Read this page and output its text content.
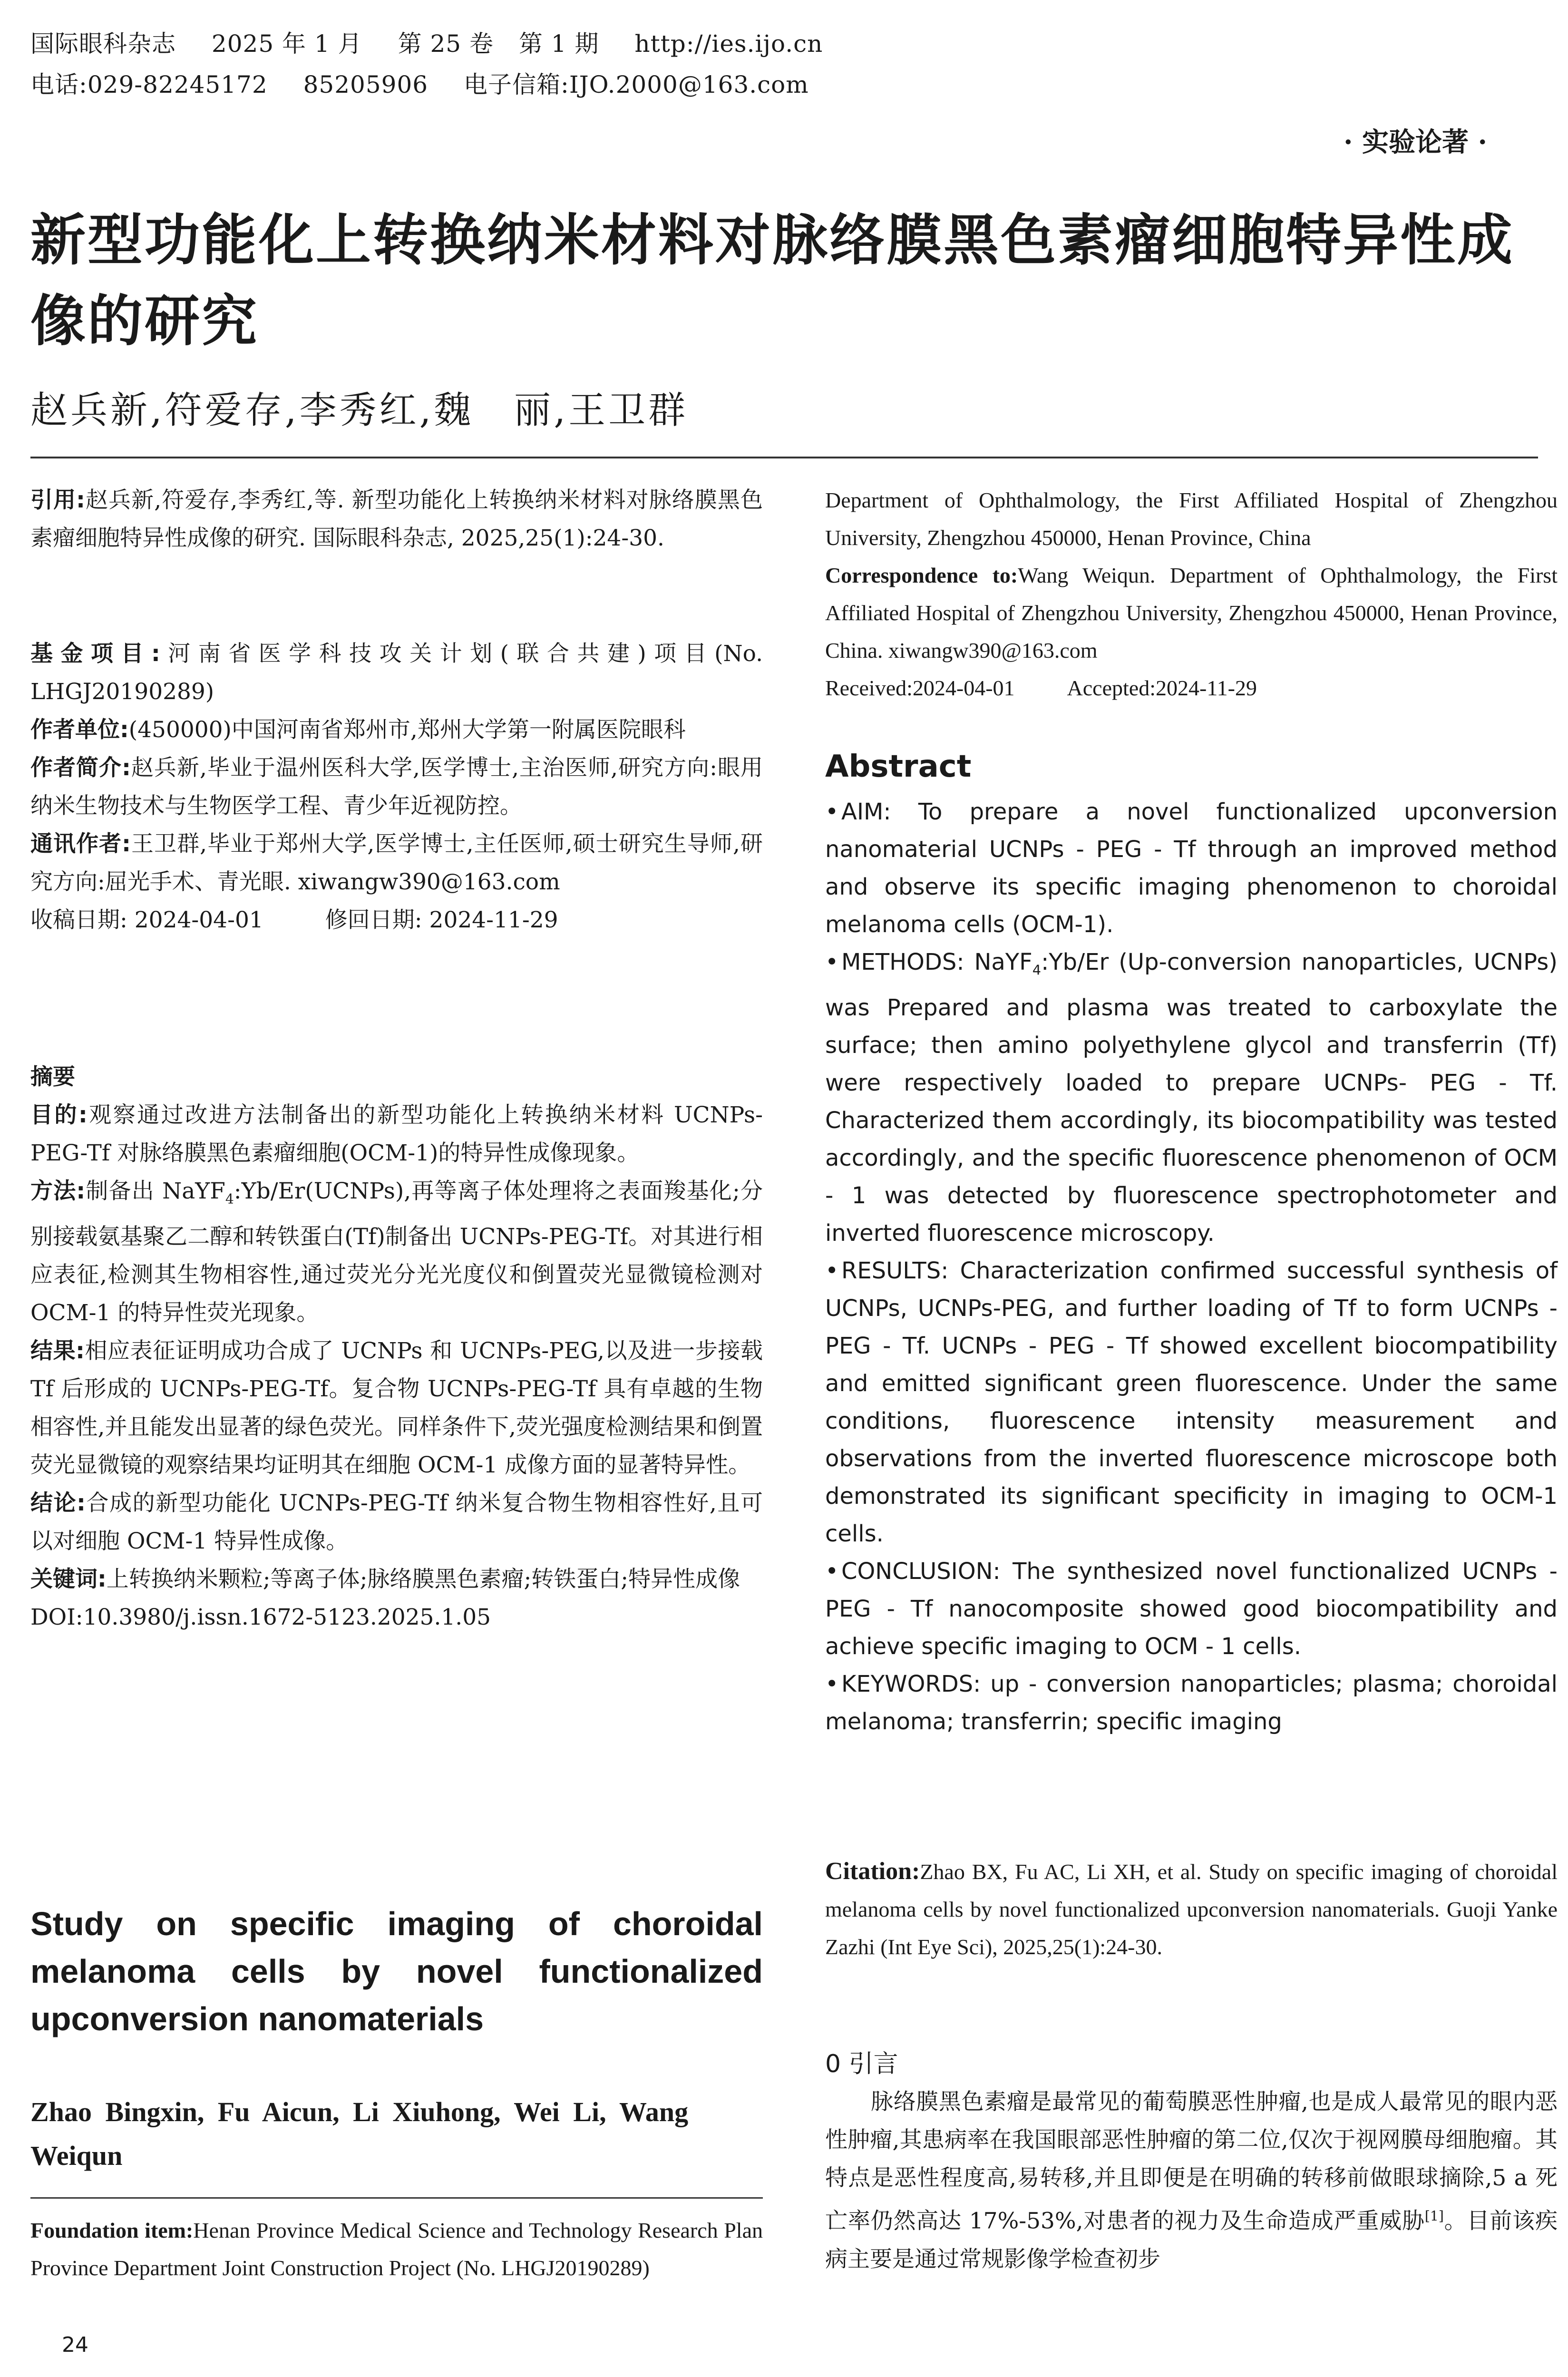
国际眼科杂志 2025 年 1 月 第 25 卷 第 1 期 http://ies.ijo.cn
电话:029-82245172 85205906 电子信箱:IJO.2000@163.com
· 实验论著 ·
新型功能化上转换纳米材料对脉络膜黑色素瘤细胞特异性成像的研究
赵兵新,符爱存,李秀红,魏　丽,王卫群

引用:赵兵新,符爱存,李秀红,等. 新型功能化上转换纳米材料对脉络膜黑色素瘤细胞特异性成像的研究. 国际眼科杂志, 2025,25(1):24-30.

基金项目:河南省医学科技攻关计划(联合共建)项目(No. LHGJ20190289)

作者单位:(450000)中国河南省郑州市,郑州大学第一附属医院眼科

作者简介:赵兵新,毕业于温州医科大学,医学博士,主治医师,研究方向:眼用纳米生物技术与生物医学工程、青少年近视防控。

通讯作者:王卫群,毕业于郑州大学,医学博士,主任医师,硕士研究生导师,研究方向:屈光手术、青光眼. xiwangw390@163.com

收稿日期: 2024-04-01	修回日期: 2024-11-29

摘要

目的:观察通过改进方法制备出的新型功能化上转换纳米材料 UCNPs-PEG-Tf 对脉络膜黑色素瘤细胞(OCM-1)的特异性成像现象。

方法:制备出 NaYF$_4$:Yb/Er(UCNPs),再等离子体处理将之表面羧基化;分别接载氨基聚乙二醇和转铁蛋白(Tf)制备出 UCNPs-PEG-Tf。对其进行相应表征,检测其生物相容性,通过荧光分光光度仪和倒置荧光显微镜检测对 OCM-1 的特异性荧光现象。

结果:相应表征证明成功合成了 UCNPs 和 UCNPs-PEG,以及进一步接载 Tf 后形成的 UCNPs-PEG-Tf。复合物 UCNPs-PEG-Tf 具有卓越的生物相容性,并且能发出显著的绿色荧光。同样条件下,荧光强度检测结果和倒置荧光显微镜的观察结果均证明其在细胞 OCM-1 成像方面的显著特异性。

结论:合成的新型功能化 UCNPs-PEG-Tf 纳米复合物生物相容性好,且可以对细胞 OCM-1 特异性成像。

关键词:上转换纳米颗粒;等离子体;脉络膜黑色素瘤;转铁蛋白;特异性成像

DOI:10.3980/j.issn.1672-5123.2025.1.05

Study on specific imaging of choroidal melanoma cells by novel functionalized upconversion nanomaterials
Zhao Bingxin, Fu Aicun, Li Xiuhong, Wei Li, Wang Weiqun

Foundation item:Henan Province Medical Science and Technology Research Plan Province Department Joint Construction Project (No. LHGJ20190289)

24

Department of Ophthalmology, the First Affiliated Hospital of Zhengzhou University, Zhengzhou 450000, Henan Province, China

Correspondence to:Wang Weiqun. Department of Ophthalmology, the First Affiliated Hospital of Zhengzhou University, Zhengzhou 450000, Henan Province, China. xiwangw390@163.com

Received:2024-04-01 Accepted:2024-11-29

Abstract

• AIM: To prepare a novel functionalized upconversion nanomaterial UCNPs - PEG - Tf through an improved method and observe its specific imaging phenomenon to choroidal melanoma cells (OCM-1).

• METHODS: NaYF$_4$:Yb/Er (Up-conversion nanoparticles, UCNPs) was Prepared and plasma was treated to carboxylate the surface; then amino polyethylene glycol and transferrin (Tf) were respectively loaded to prepare UCNPs- PEG - Tf. Characterized them accordingly, its biocompatibility was tested accordingly, and the specific fluorescence phenomenon of OCM - 1 was detected by fluorescence spectrophotometer and inverted fluorescence microscopy.

• RESULTS: Characterization confirmed successful synthesis of UCNPs, UCNPs-PEG, and further loading of Tf to form UCNPs - PEG - Tf. UCNPs - PEG - Tf showed excellent biocompatibility and emitted significant green fluorescence. Under the same conditions, fluorescence intensity measurement and observations from the inverted fluorescence microscope both demonstrated its significant specificity in imaging to OCM-1 cells.

• CONCLUSION: The synthesized novel functionalized UCNPs - PEG - Tf nanocomposite showed good biocompatibility and achieve specific imaging to OCM - 1 cells.

• KEYWORDS: up - conversion nanoparticles; plasma; choroidal melanoma; transferrin; specific imaging

Citation:Zhao BX, Fu AC, Li XH, et al. Study on specific imaging of choroidal melanoma cells by novel functionalized upconversion nanomaterials. Guoji Yanke Zazhi (Int Eye Sci), 2025,25(1):24-30.

0 引言

脉络膜黑色素瘤是最常见的葡萄膜恶性肿瘤,也是成人最常见的眼内恶性肿瘤,其患病率在我国眼部恶性肿瘤的第二位,仅次于视网膜母细胞瘤。其特点是恶性程度高,易转移,并且即便是在明确的转移前做眼球摘除,5 a 死亡率仍然高达 17%-53%,对患者的视力及生命造成严重威胁[1]。目前该疾病主要是通过常规影像学检查初步
